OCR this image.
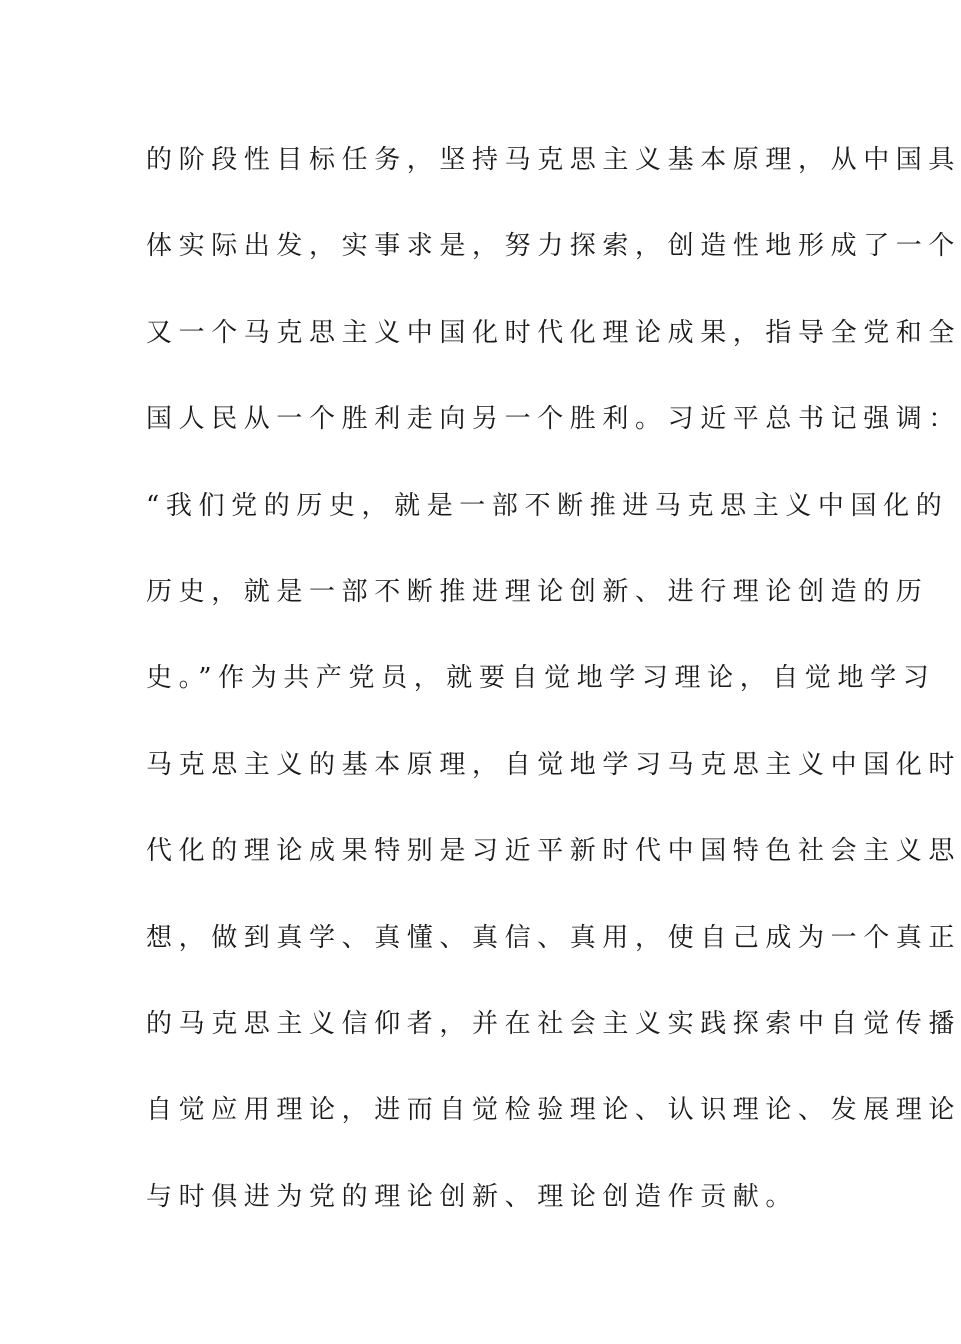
的阶段性目标任务，坚持马克思主义基本原理，从中国具
体实际出发，实事求是，努力探索，创造性地形成了一个
又一个马克思主义中国化时代化理论成果，指导全党和全
国人民从一个胜利走向另一个胜利。习近平总书记强调：
“我们党的历史，就是一部不断推进马克思主义中国化的
历史，就是一部不断推进理论创新、进行理论创造的历
史。”作为共产党员，就要自觉地学习理论，自觉地学习
马克思主义的基本原理，自觉地学习马克思主义中国化时
代化的理论成果特别是习近平新时代中国特色社会主义思
想，做到真学、真懂、真信、真用，使自己成为一个真正
的马克思主义信仰者，并在社会主义实践探索中自觉传播
自觉应用理论，进而自觉检验理论、认识理论、发展理论
与时俱进为党的理论创新、理论创造作贡献。
